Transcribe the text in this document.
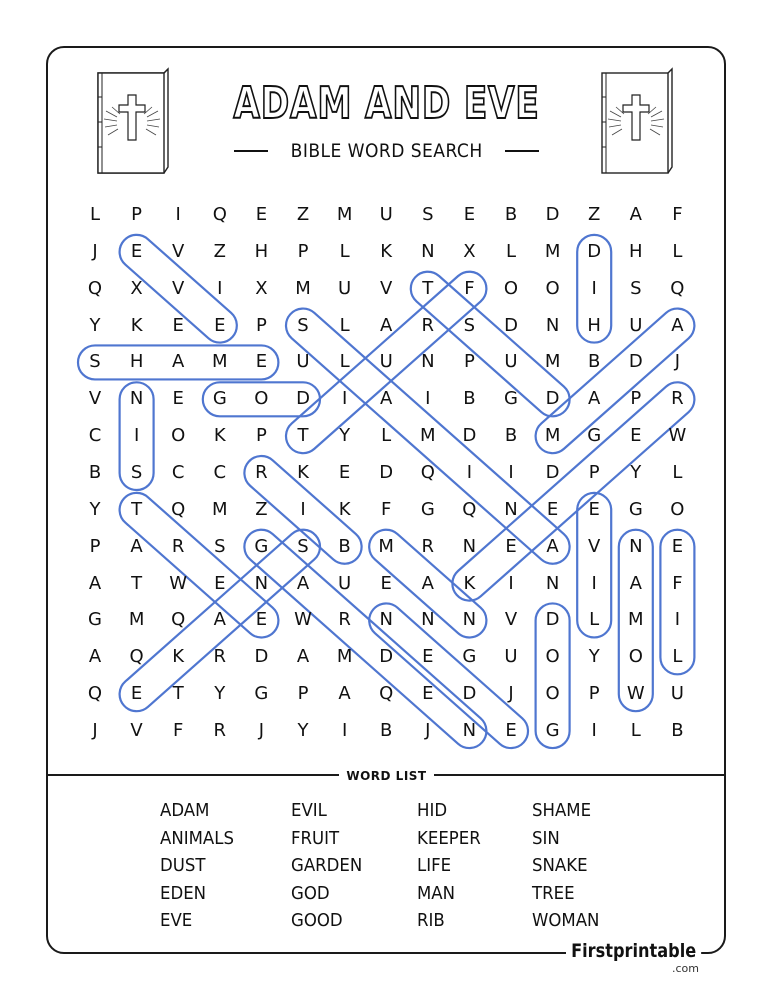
ADAM AND EVE
BIBLE WORD SEARCH
L	P	I	Q	E	Z	M	U	S	E	B	D	Z	A	F
J	E	V	Z	H	P	L	K	N	X	L	M	D	H	L
Q	X	V	I	X	M	U	V	T	F	O	O	I	S	Q
Y	K	E	E	P	S	L	A	R	S	D	N	H	U	A
S	H	A	M	E	U	L	U	N	P	U	M	B	D	J
V	N	E	G	O	D	I	A	I	B	G	D	A	P	R
C	I	O	K	P	T	Y	L	M	D	B	M	G	E	W
B	S	C	C	R	K	E	D	Q	I	I	D	P	Y	L
Y	T	Q	M	Z	I	K	F	G	Q	N	E	E	G	O
P	A	R	S	G	S	B	M	R	N	E	A	V	N	E
A	T	W	E	N	A	U	E	A	K	I	N	I	A	F
G	M	Q	A	E	W	R	N	N	N	V	D	L	M	I
A	Q	K	R	D	A	M	D	E	G	U	O	Y	O	L
Q	E	T	Y	G	P	A	Q	E	D	J	O	P	W	U
J	V	F	R	J	Y	I	B	J	N	E	G	I	L	B
WORD LIST
ADAM	EVIL	HID	SHAME
ANIMALS	FRUIT	KEEPER	SIN
DUST	GARDEN	LIFE	SNAKE
EDEN	GOD	MAN	TREE
EVE	GOOD	RIB	WOMAN
Firstprintable
.com
